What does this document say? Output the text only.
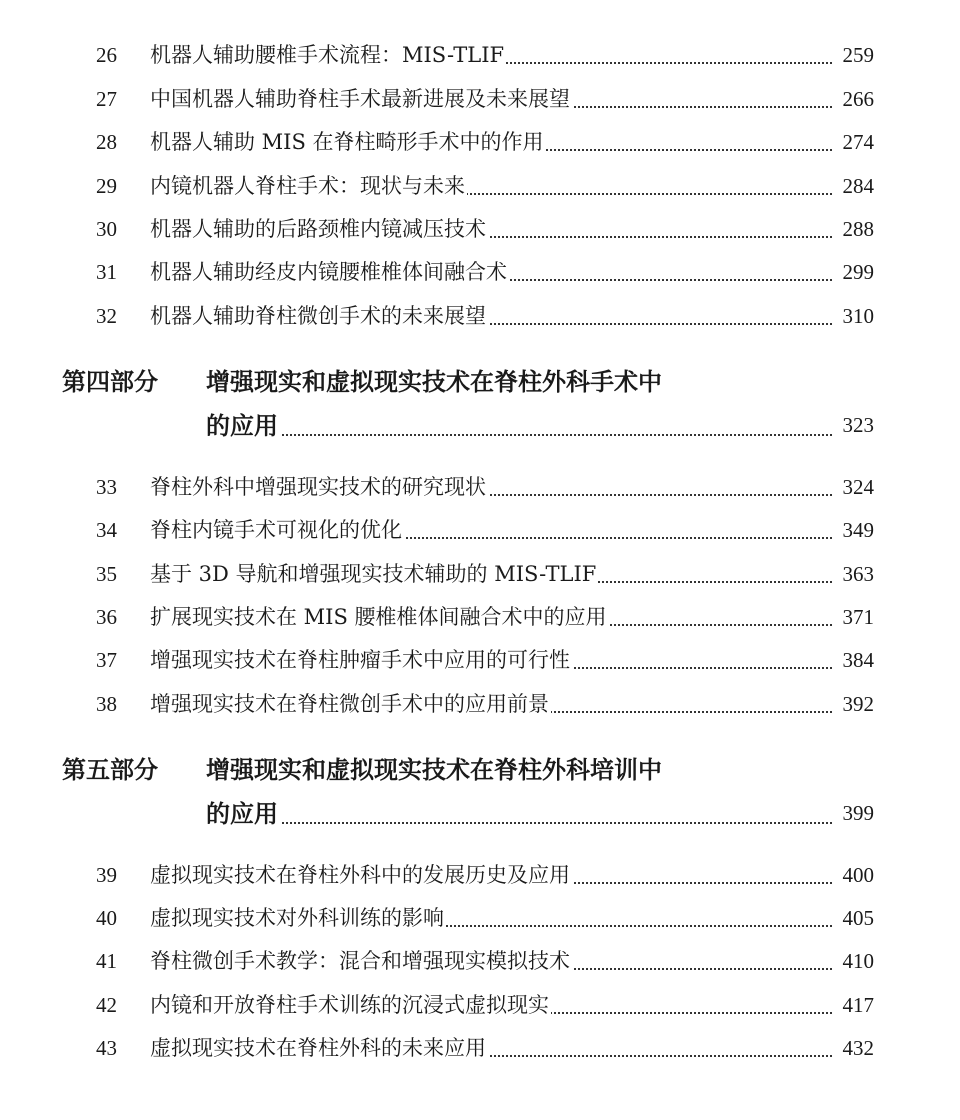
26	机器人辅助腰椎手术流程：MIS-TLIF	259
27	中国机器人辅助脊柱手术最新进展及未来展望	266
28	机器人辅助 MIS 在脊柱畸形手术中的作用	274
29	内镜机器人脊柱手术：现状与未来	284
30	机器人辅助的后路颈椎内镜减压技术	288
31	机器人辅助经皮内镜腰椎椎体间融合术	299
32	机器人辅助脊柱微创手术的未来展望	310
第四部分 增强现实和虚拟现实技术在脊柱外科手术中
的应用	323
33	脊柱外科中增强现实技术的研究现状	324
34	脊柱内镜手术可视化的优化	349
35	基于 3D 导航和增强现实技术辅助的 MIS-TLIF	363
36	扩展现实技术在 MIS 腰椎椎体间融合术中的应用	371
37	增强现实技术在脊柱肿瘤手术中应用的可行性	384
38	增强现实技术在脊柱微创手术中的应用前景	392
第五部分 增强现实和虚拟现实技术在脊柱外科培训中
的应用	399
39	虚拟现实技术在脊柱外科中的发展历史及应用	400
40	虚拟现实技术对外科训练的影响	405
41	脊柱微创手术教学：混合和增强现实模拟技术	410
42	内镜和开放脊柱手术训练的沉浸式虚拟现实	417
43	虚拟现实技术在脊柱外科的未来应用	432
